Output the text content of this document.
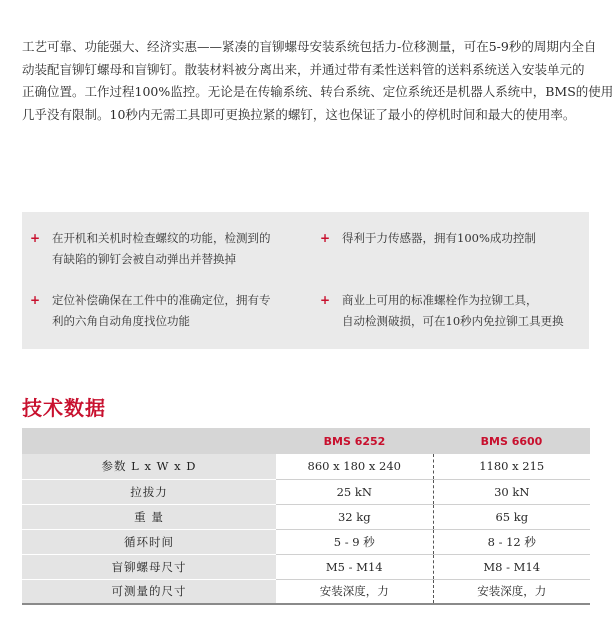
工艺可靠、功能强大、经济实惠——紧凑的盲铆螺母安装系统包括力-位移测量，可在5-9秒的周期内全自

动装配盲铆钉螺母和盲铆钉。散装材料被分离出来，并通过带有柔性送料管的送料系统送入安装单元的

正确位置。工作过程100%监控。无论是在传输系统、转台系统、定位系统还是机器人系统中，BMS的使用

几乎没有限制。10秒内无需工具即可更换拉紧的螺钉，这也保证了最小的停机时间和最大的使用率。

+ 在开机和关机时检查螺纹的功能，检测到的
有缺陷的铆钉会被自动弹出并替换掉
+ 得利于力传感器，拥有100%成功控制
+ 定位补偿确保在工件中的准确定位，拥有专
利的六角自动角度找位功能
+ 商业上可用的标准螺栓作为拉铆工具，
自动检测破损，可在10秒内免拉铆工具更换
技术数据
	BMS 6252	BMS 6600
参数 L x W x D	860 x 180 x 240	1180 x 215
拉拔力	25 kN	30 kN
重 量	32 kg	65 kg
循环时间	5 - 9 秒	8 - 12 秒
盲铆螺母尺寸	M5 - M14	M8 - M14
可测量的尺寸	安装深度，力	安装深度，力
